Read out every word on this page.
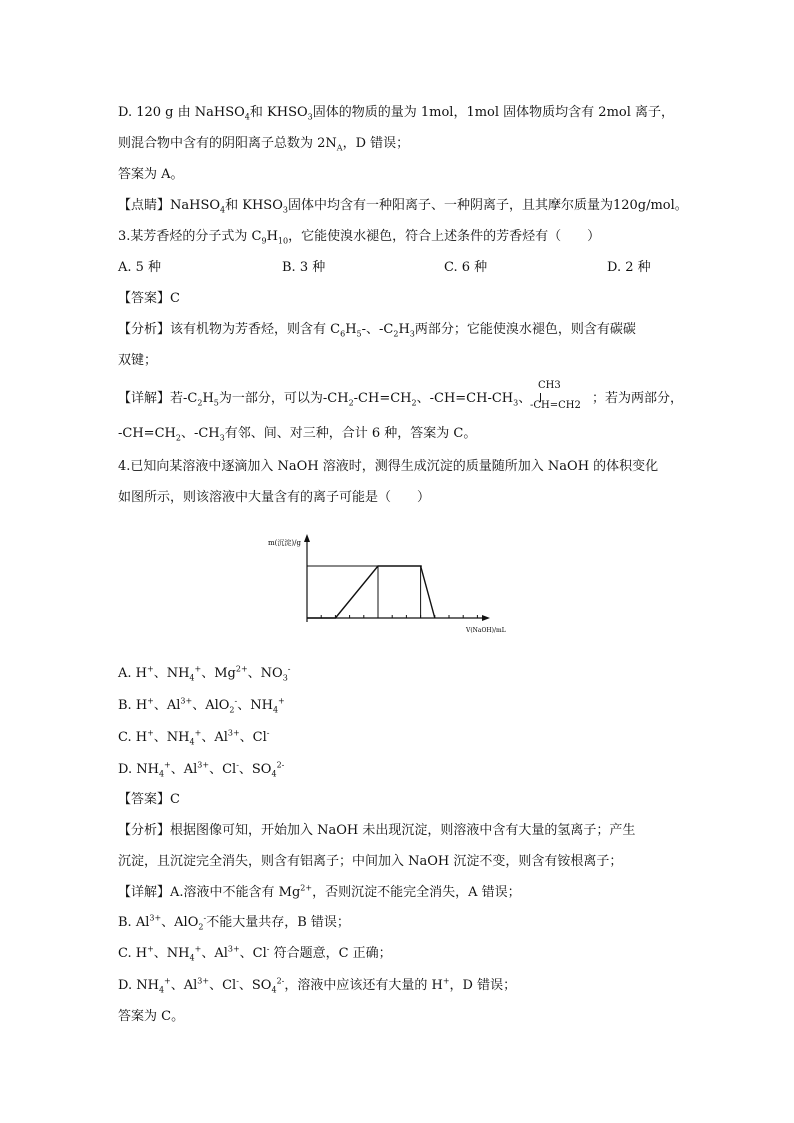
D. 120 g 由 NaHSO$_4$和 $KHSO_3$固体的物质的量为 1mol，1mol 固体物质均含有 2mol 离子，
则混合物中含有的阴阳离子总数为 $2N_A$，D 错误；
答案为 A。
【点睛】NaHSO$_4$和 $KHSO_3$固体中均含有一种阳离子、一种阴离子，且其摩尔质量为120g/mol。
3.某芳香烃的分子式为 $C_9H_{10}$，它能使溴水褪色，符合上述条件的芳香烃有（　　）
A. 5 种	B. 3 种	C. 6 种	D. 2 种
【答案】C
【分析】该有机物为芳香烃，则含有 $C_6H_5-$、$-C_2H_3$两部分；它能使溴水褪色，则含有碳碳
双键；
【详解】若$-C_2H_5$为一部分，可以为$-CH_2-CH=CH_2$、$-CH=CH-CH_3$、
CH3
-CH=CH2 ；若为两部分，
$-CH=CH_2$、$-CH_3$有邻、间、对三种，合计 6 种，答案为 C。
4.已知向某溶液中逐滴加入 NaOH 溶液时，测得生成沉淀的质量随所加入 NaOH 的体积变化
如图所示，则该溶液中大量含有的离子可能是（　　）
m(沉淀)/g
V(NaOH)/mL
A. H+、$NH_4^+$、$Mg^{2+}$、$NO_3^-$
B. H+、$Al^{3+}$、AlO$_2$-、$NH_4^+$
C. H+、$NH_4^+$、$Al^{3+}$、Cl-
D. $NH_4^+$、$Al^{3+}$、Cl-、$SO_4^{2-}$
【答案】C
【分析】根据图像可知，开始加入 NaOH 未出现沉淀，则溶液中含有大量的氢离子；产生
沉淀，且沉淀完全消失，则含有铝离子；中间加入 NaOH 沉淀不变，则含有铵根离子；
【详解】A.溶液中不能含有 $Mg^{2+}$，否则沉淀不能完全消失，A 错误；
B. $Al^{3+}$、AlO$_2$-不能大量共存，B 错误；
C. H+、$NH_4^+$、$Al^{3+}$、Cl- 符合题意，C 正确；
D. $NH_4^+$、$Al^{3+}$、Cl-、$SO_4^{2-}$，溶液中应该还有大量的 H+，D 错误；
答案为 C。
